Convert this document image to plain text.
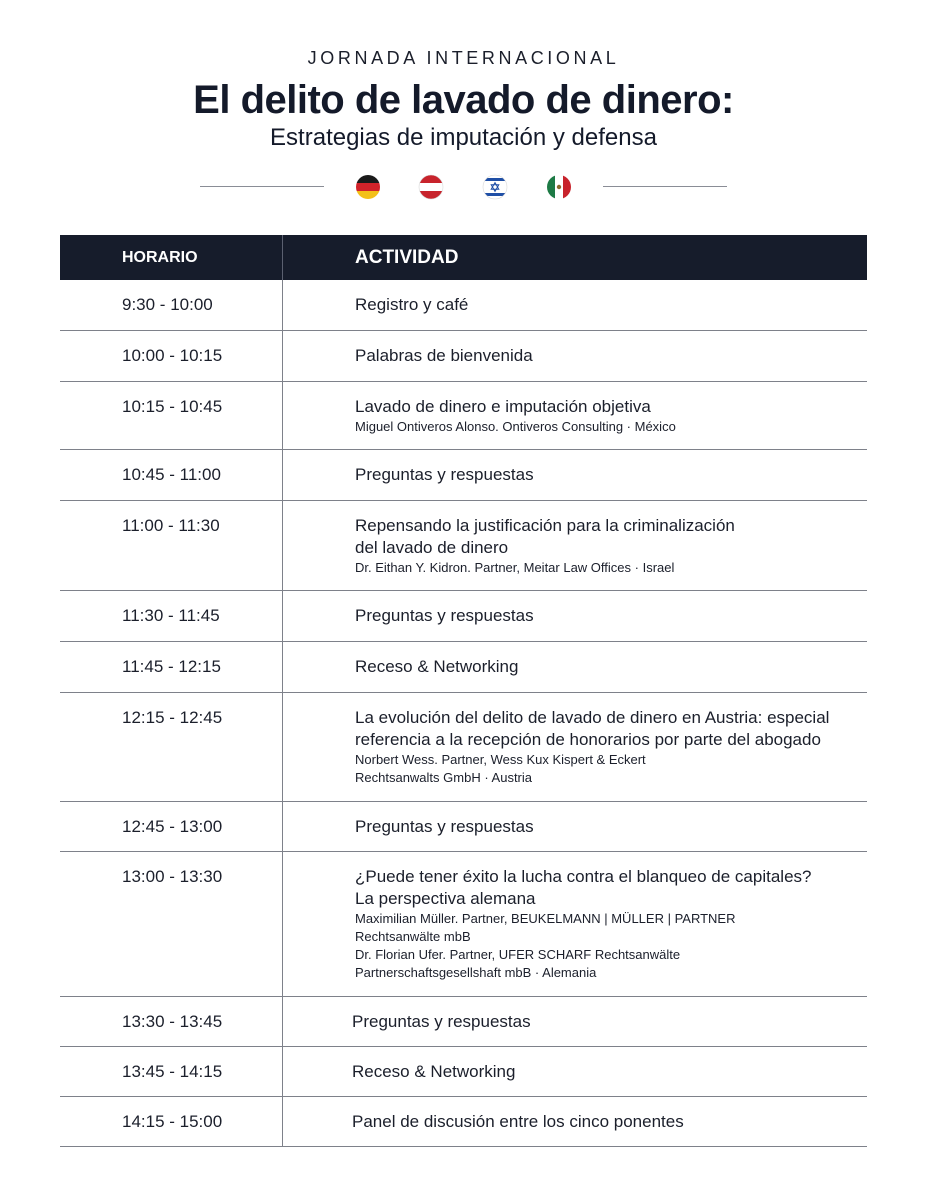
JORNADA INTERNACIONAL
El delito de lavado de dinero:
Estrategias de imputación y defensa
HORARIO	ACTIVIDAD
9:30 - 10:00	Registro y café
10:00 - 10:15	Palabras de bienvenida
10:15 - 10:45	Lavado de dinero e imputación objetiva
Miguel Ontiveros Alonso. Ontiveros Consulting · México
10:45 - 11:00	Preguntas y respuestas
11:00 - 11:30	Repensando la justificación para la criminalización
del lavado de dinero
Dr. Eithan Y. Kidron. Partner, Meitar Law Offices · Israel
11:30 - 11:45	Preguntas y respuestas
11:45 - 12:15	Receso & Networking
12:15 - 12:45	La evolución del delito de lavado de dinero en Austria: especial
referencia a la recepción de honorarios por parte del abogado
Norbert Wess. Partner, Wess Kux Kispert & Eckert
Rechtsanwalts GmbH · Austria
12:45 - 13:00	Preguntas y respuestas
13:00 - 13:30	¿Puede tener éxito la lucha contra el blanqueo de capitales?
La perspectiva alemana
Maximilian Müller. Partner, BEUKELMANN | MÜLLER | PARTNER
Rechtsanwälte mbB
Dr. Florian Ufer. Partner, UFER SCHARF Rechtsanwälte
Partnerschaftsgesellshaft mbB · Alemania
13:30 - 13:45	Preguntas y respuestas
13:45 - 14:15	Receso & Networking
14:15 - 15:00	Panel de discusión entre los cinco ponentes
